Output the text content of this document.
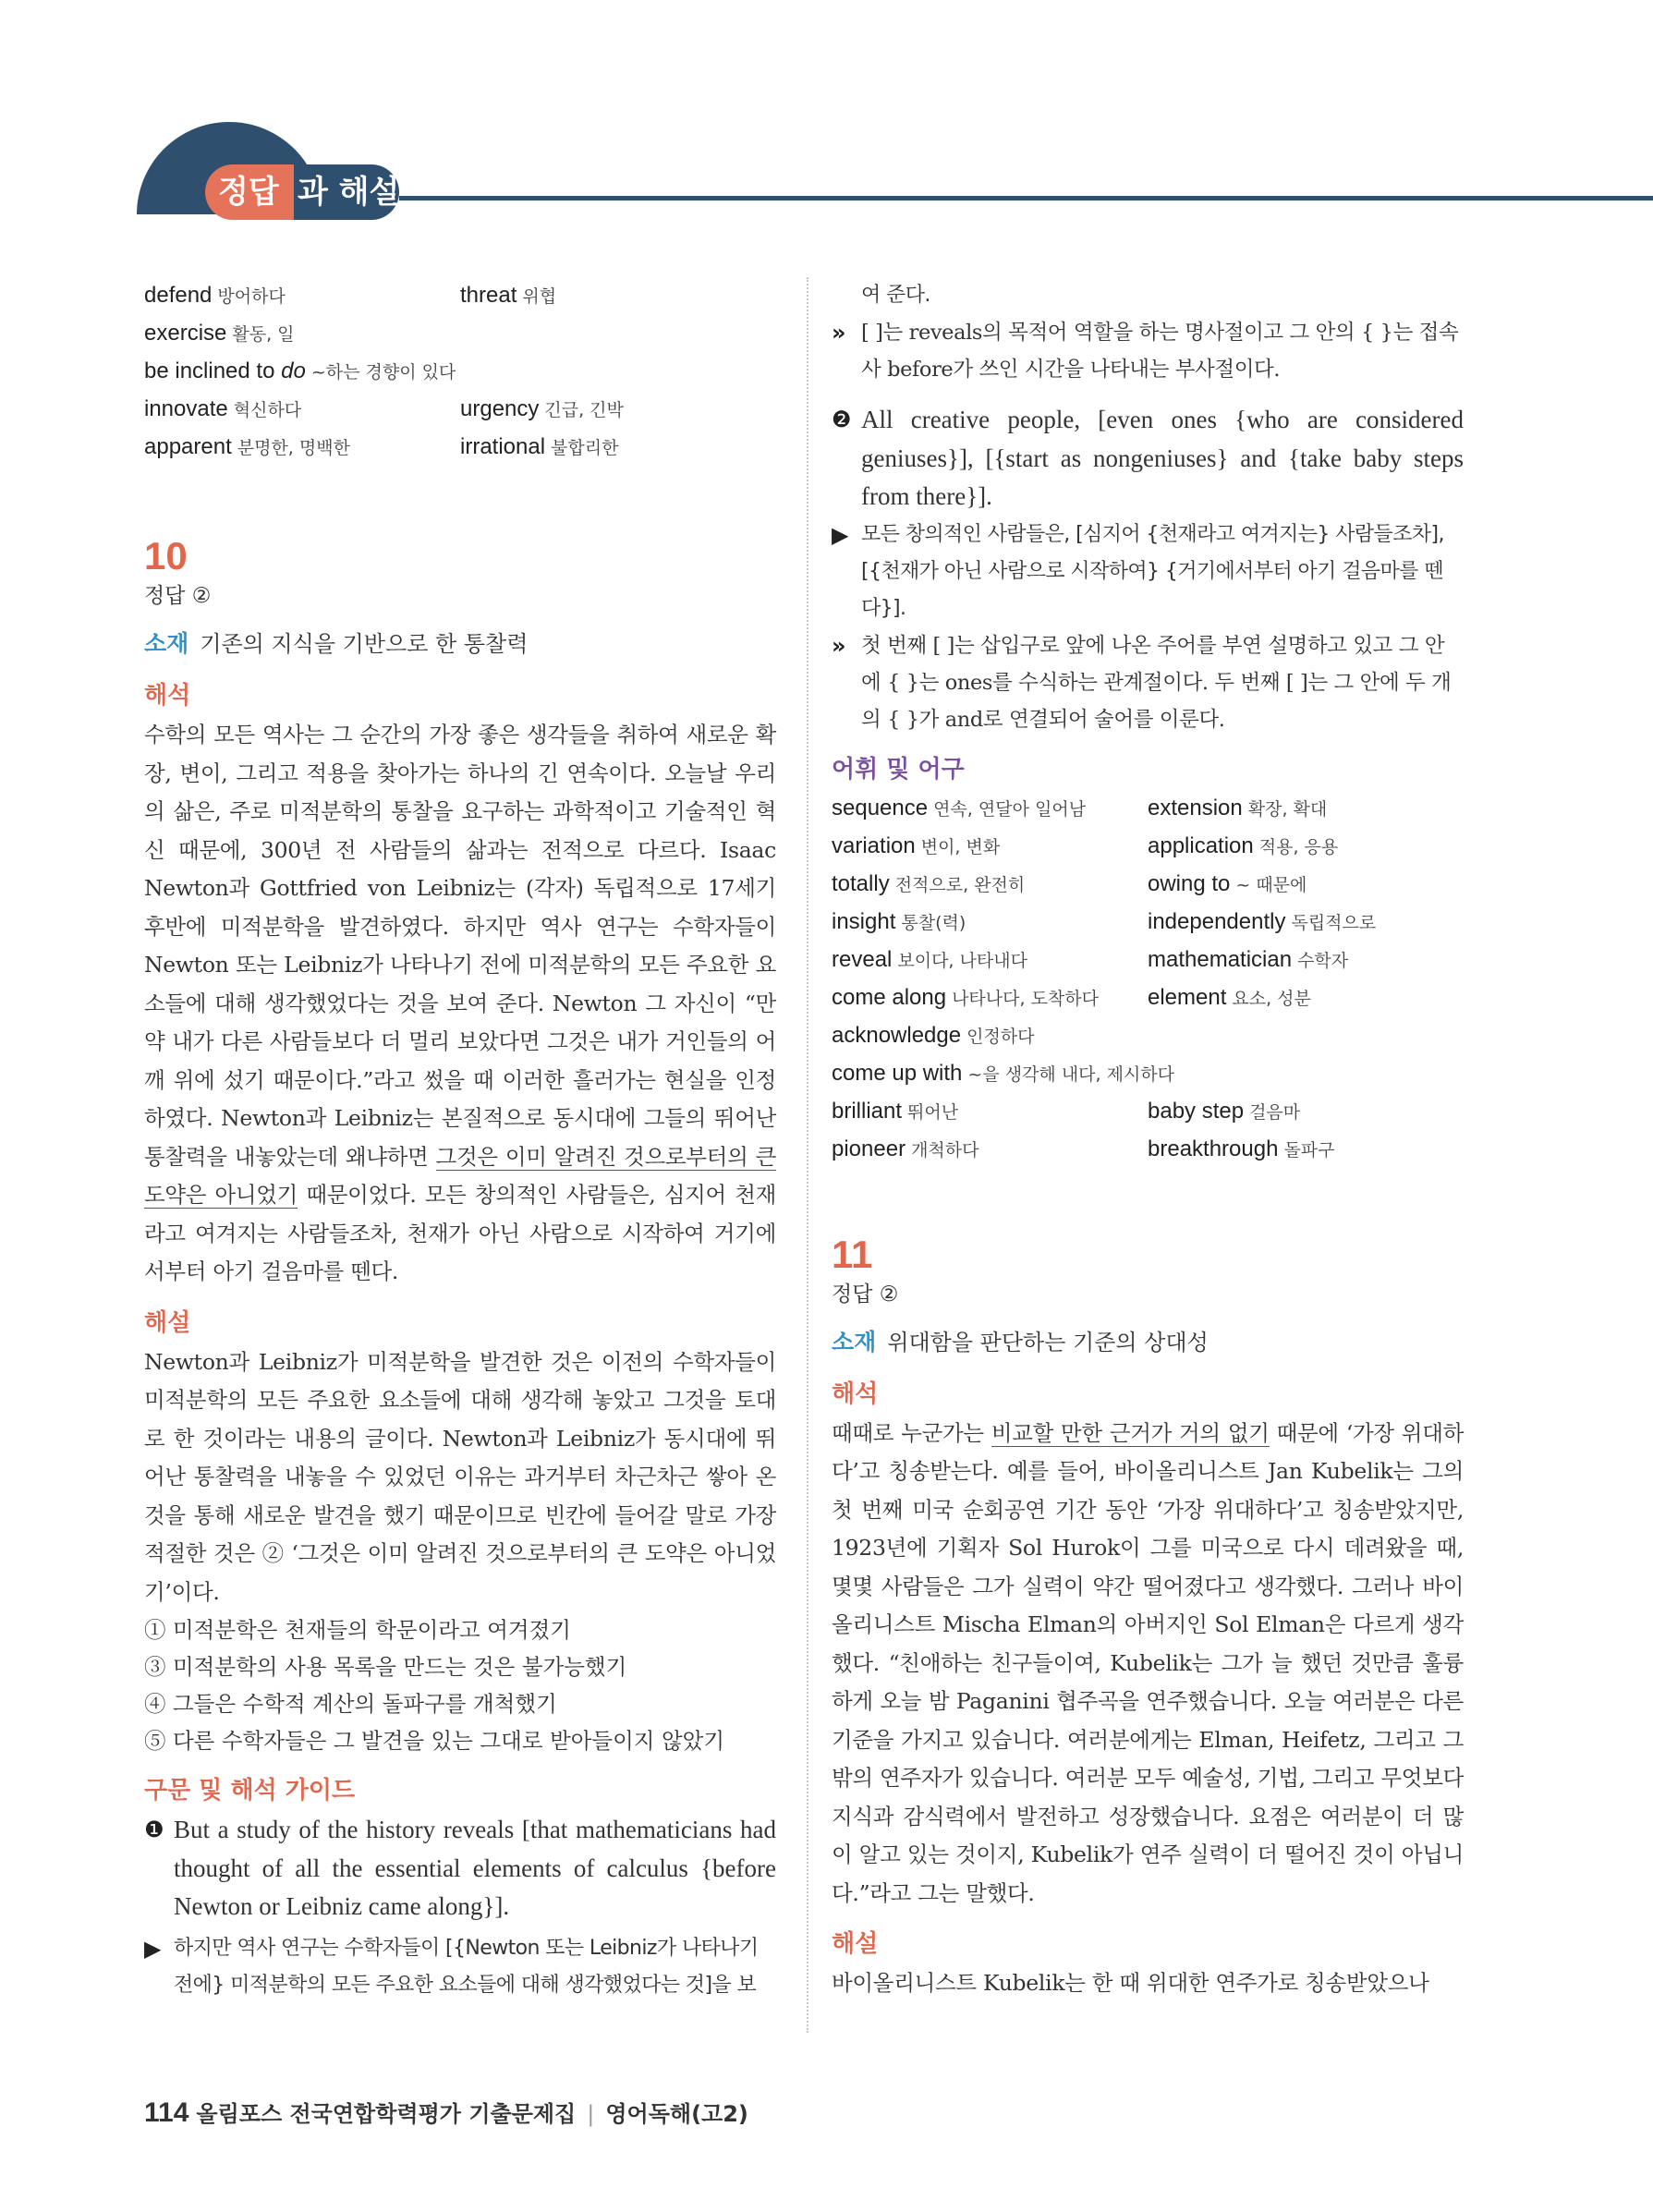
정답 과 해설
defend 방어하다	threat 위협
exercise 활동, 일
be inclined to do ~하는 경향이 있다
innovate 혁신하다	urgency 긴급, 긴박
apparent 분명한, 명백한	irrational 불합리한
10
정답 ②
소재 기존의 지식을 기반으로 한 통찰력
해석
수학의 모든 역사는 그 순간의 가장 좋은 생각들을 취하여 새로운 확장, 변이, 그리고 적용을 찾아가는 하나의 긴 연속이다. 오늘날 우리의 삶은, 주로 미적분학의 통찰을 요구하는 과학적이고 기술적인 혁신 때문에, 300년 전 사람들의 삶과는 전적으로 다르다. Isaac Newton과 Gottfried von Leibniz는 (각자) 독립적으로 17세기 후반에 미적분학을 발견하였다. 하지만 역사 연구는 수학자들이 Newton 또는 Leibniz가 나타나기 전에 미적분학의 모든 주요한 요소들에 대해 생각했었다는 것을 보여 준다. Newton 그 자신이 “만약 내가 다른 사람들보다 더 멀리 보았다면 그것은 내가 거인들의 어깨 위에 섰기 때문이다.”라고 썼을 때 이러한 흘러가는 현실을 인정하였다. Newton과 Leibniz는 본질적으로 동시대에 그들의 뛰어난 통찰력을 내놓았는데 왜냐하면 그것은 이미 알려진 것으로부터의 큰 도약은 아니었기 때문이었다. 모든 창의적인 사람들은, 심지어 천재라고 여겨지는 사람들조차, 천재가 아닌 사람으로 시작하여 거기에서부터 아기 걸음마를 뗀다.
해설
Newton과 Leibniz가 미적분학을 발견한 것은 이전의 수학자들이 미적분학의 모든 주요한 요소들에 대해 생각해 놓았고 그것을 토대로 한 것이라는 내용의 글이다. Newton과 Leibniz가 동시대에 뛰어난 통찰력을 내놓을 수 있었던 이유는 과거부터 차근차근 쌓아 온 것을 통해 새로운 발견을 했기 때문이므로 빈칸에 들어갈 말로 가장 적절한 것은 ② ‘그것은 이미 알려진 것으로부터의 큰 도약은 아니었기’이다.
① 미적분학은 천재들의 학문이라고 여겨졌기
③ 미적분학의 사용 목록을 만드는 것은 불가능했기
④ 그들은 수학적 계산의 돌파구를 개척했기
⑤ 다른 수학자들은 그 발견을 있는 그대로 받아들이지 않았기
구문 및 해석 가이드
❶ But a study of the history reveals [that mathematicians had thought of all the essential elements of calculus {before Newton or Leibniz came along}].
▶ 하지만 역사 연구는 수학자들이 [{Newton 또는 Leibniz가 나타나기 전에} 미적분학의 모든 주요한 요소들에 대해 생각했었다는 것]을 보
여 준다.
» [ ]는 reveals의 목적어 역할을 하는 명사절이고 그 안의 { }는 접속사 before가 쓰인 시간을 나타내는 부사절이다.
❷ All creative people, [even ones {who are considered geniuses}], [{start as nongeniuses} and {take baby steps from there}].
▶ 모든 창의적인 사람들은, [심지어 {천재라고 여겨지는} 사람들조차], [{천재가 아닌 사람으로 시작하여} {거기에서부터 아기 걸음마를 뗀다}].
» 첫 번째 [ ]는 삽입구로 앞에 나온 주어를 부연 설명하고 있고 그 안에 { }는 ones를 수식하는 관계절이다. 두 번째 [ ]는 그 안에 두 개의 { }가 and로 연결되어 술어를 이룬다.
어휘 및 어구
sequence 연속, 연달아 일어남	extension 확장, 확대
variation 변이, 변화	application 적용, 응용
totally 전적으로, 완전히	owing to ~ 때문에
insight 통찰(력)	independently 독립적으로
reveal 보이다, 나타내다	mathematician 수학자
come along 나타나다, 도착하다	element 요소, 성분
acknowledge 인정하다
come up with ~을 생각해 내다, 제시하다
brilliant 뛰어난	baby step 걸음마
pioneer 개척하다	breakthrough 돌파구
11
정답 ②
소재 위대함을 판단하는 기준의 상대성
해석
때때로 누군가는 비교할 만한 근거가 거의 없기 때문에 ‘가장 위대하다’고 칭송받는다. 예를 들어, 바이올리니스트 Jan Kubelik는 그의 첫 번째 미국 순회공연 기간 동안 ‘가장 위대하다’고 칭송받았지만, 1923년에 기획자 Sol Hurok이 그를 미국으로 다시 데려왔을 때, 몇몇 사람들은 그가 실력이 약간 떨어졌다고 생각했다. 그러나 바이올리니스트 Mischa Elman의 아버지인 Sol Elman은 다르게 생각했다. “친애하는 친구들이여, Kubelik는 그가 늘 했던 것만큼 훌륭하게 오늘 밤 Paganini 협주곡을 연주했습니다. 오늘 여러분은 다른 기준을 가지고 있습니다. 여러분에게는 Elman, Heifetz, 그리고 그 밖의 연주자가 있습니다. 여러분 모두 예술성, 기법, 그리고 무엇보다 지식과 감식력에서 발전하고 성장했습니다. 요점은 여러분이 더 많이 알고 있는 것이지, Kubelik가 연주 실력이 더 떨어진 것이 아닙니다.”라고 그는 말했다.
해설
바이올리니스트 Kubelik는 한 때 위대한 연주가로 칭송받았으나
114 올림포스 전국연합학력평가 기출문제집 | 영어독해(고2)
